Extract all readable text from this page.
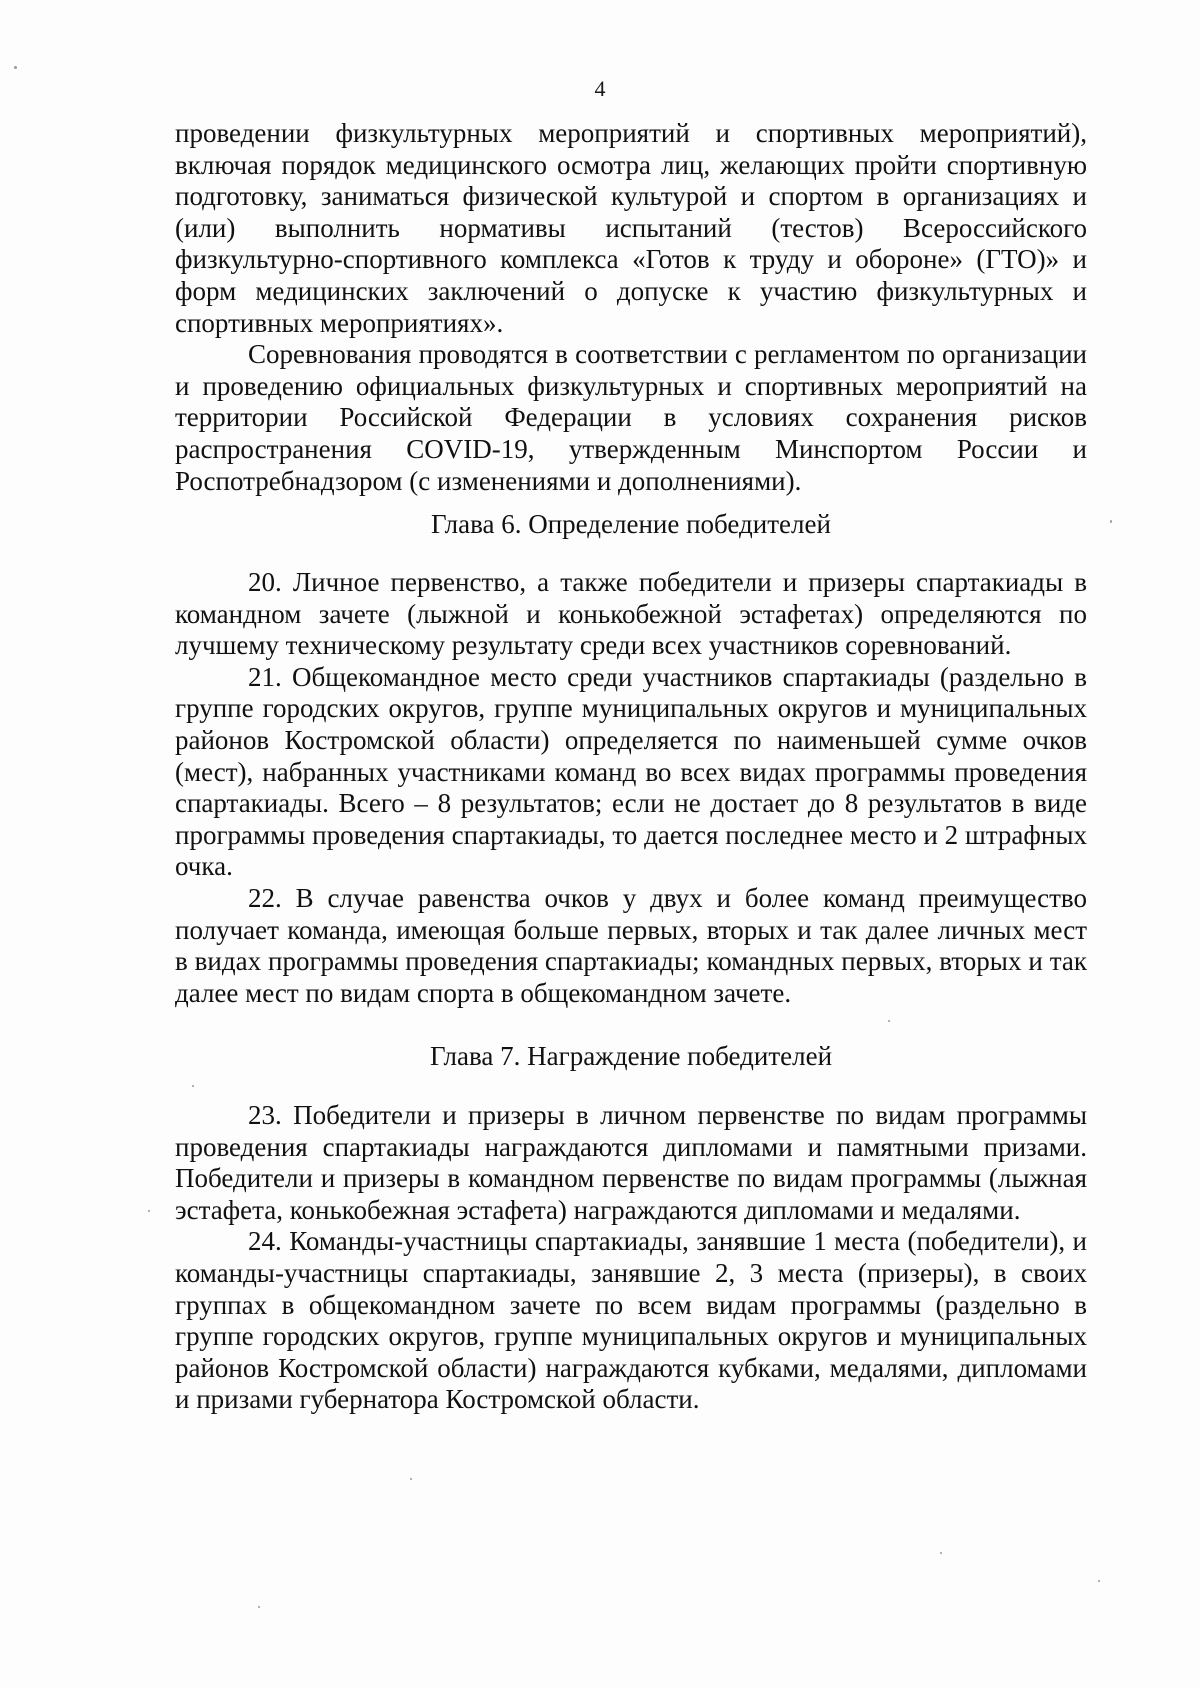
4

проведении физкультурных мероприятий и спортивных мероприятий), включая порядок медицинского осмотра лиц, желающих пройти спортивную подготовку, заниматься физической культурой и спортом в организациях и (или) выполнить нормативы испытаний (тестов) Всероссийского физкультурно-спортивного комплекса «Готов к труду и обороне» (ГТО)» и форм медицинских заключений о допуске к участию физкультурных и спортивных мероприятиях».

Соревнования проводятся в соответствии с регламентом по организации и проведению официальных физкультурных и спортивных мероприятий на территории Российской Федерации в условиях сохранения рисков распространения COVID-19, утвержденным Минспортом России и Роспотребнадзором (с изменениями и дополнениями).

Глава 6. Определение победителей

20. Личное первенство, а также победители и призеры спартакиады в командном зачете (лыжной и конькобежной эстафетах) определяются по лучшему техническому результату среди всех участников соревнований.

21. Общекомандное место среди участников спартакиады (раздельно в группе городских округов, группе муниципальных округов и муниципальных районов Костромской области) определяется по наименьшей сумме очков (мест), набранных участниками команд во всех видах программы проведения спартакиады. Всего – 8 результатов; если не достает до 8 результатов в виде программы проведения спартакиады, то дается последнее место и 2 штрафных очка.

22. В случае равенства очков у двух и более команд преимущество получает команда, имеющая больше первых, вторых и так далее личных мест в видах программы проведения спартакиады; командных первых, вторых и так далее мест по видам спорта в общекомандном зачете.

Глава 7. Награждение победителей

23. Победители и призеры в личном первенстве по видам программы проведения спартакиады награждаются дипломами и памятными призами. Победители и призеры в командном первенстве по видам программы (лыжная эстафета, конькобежная эстафета) награждаются дипломами и медалями.

24. Команды-участницы спартакиады, занявшие 1 места (победители), и команды-участницы спартакиады, занявшие 2, 3 места (призеры), в своих группах в общекомандном зачете по всем видам программы (раздельно в группе городских округов, группе муниципальных округов и муниципальных районов Костромской области) награждаются кубками, медалями, дипломами и призами губернатора Костромской области.
